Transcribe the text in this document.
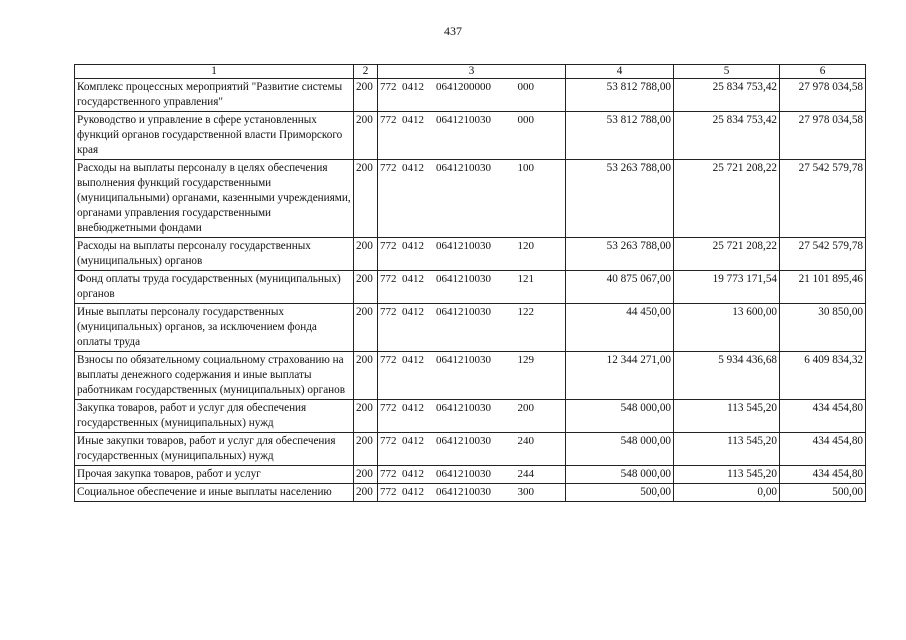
437
1	2	3	4	5	6
Комплекс процессных мероприятий "Развитие системы государственного управления"	200	772 0412 0641200000 000	53 812 788,00	25 834 753,42	27 978 034,58
Руководство и управление в сфере установленных функций органов государственной власти Приморского края	200	772 0412 0641210030 000	53 812 788,00	25 834 753,42	27 978 034,58
Расходы на выплаты персоналу в целях обеспечения выполнения функций государственными (муниципальными) органами, казенными учреждениями, органами управления государственными внебюджетными фондами	200	772 0412 0641210030 100	53 263 788,00	25 721 208,22	27 542 579,78
Расходы на выплаты персоналу государственных (муниципальных) органов	200	772 0412 0641210030 120	53 263 788,00	25 721 208,22	27 542 579,78
Фонд оплаты труда государственных (муниципальных) органов	200	772 0412 0641210030 121	40 875 067,00	19 773 171,54	21 101 895,46
Иные выплаты персоналу государственных (муниципальных) органов, за исключением фонда оплаты труда	200	772 0412 0641210030 122	44 450,00	13 600,00	30 850,00
Взносы по обязательному социальному страхованию на выплаты денежного содержания и иные выплаты работникам государственных (муниципальных) органов	200	772 0412 0641210030 129	12 344 271,00	5 934 436,68	6 409 834,32
Закупка товаров, работ и услуг для обеспечения государственных (муниципальных) нужд	200	772 0412 0641210030 200	548 000,00	113 545,20	434 454,80
Иные закупки товаров, работ и услуг для обеспечения государственных (муниципальных) нужд	200	772 0412 0641210030 240	548 000,00	113 545,20	434 454,80
Прочая закупка товаров, работ и услуг	200	772 0412 0641210030 244	548 000,00	113 545,20	434 454,80
Социальное обеспечение и иные выплаты населению	200	772 0412 0641210030 300	500,00	0,00	500,00
